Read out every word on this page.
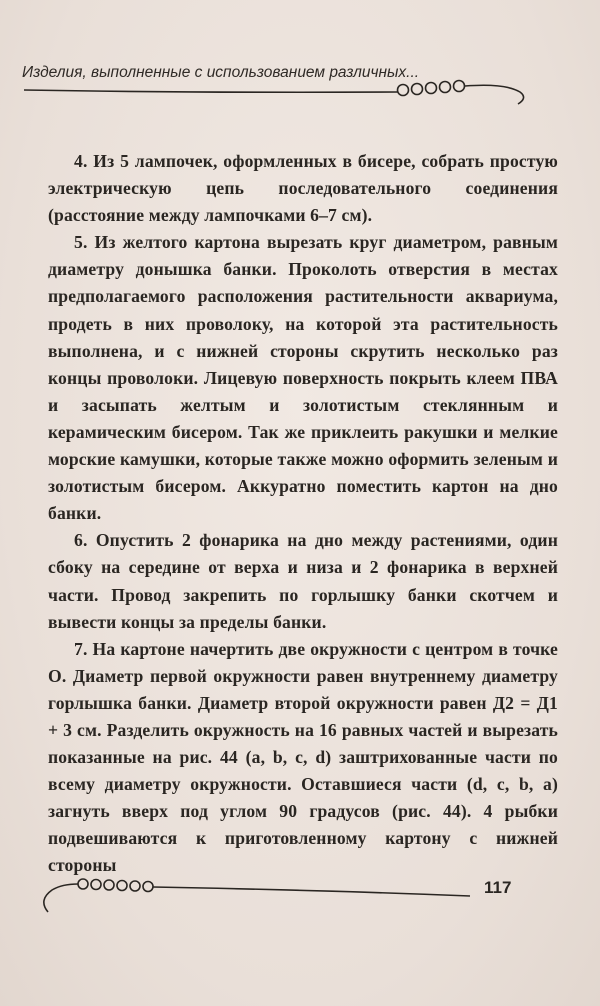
Изделия, выполненные с использованием различных...

4. Из 5 лампочек, оформленных в бисере, собрать простую электрическую цепь последовательного соединения (расстояние между лампочками 6–7 см).

5. Из желтого картона вырезать круг диаметром, равным диаметру донышка банки. Проколоть отверстия в местах предполагаемого расположения растительности аквариума, продеть в них проволоку, на которой эта растительность выполнена, и с нижней стороны скрутить несколько раз концы проволоки. Лицевую поверхность покрыть клеем ПВА и засыпать желтым и золотистым стеклянным и керамическим бисером. Так же приклеить ракушки и мелкие морские камушки, которые также можно оформить зеленым и золотистым бисером. Аккуратно поместить картон на дно банки.

6. Опустить 2 фонарика на дно между растениями, один сбоку на середине от верха и низа и 2 фонарика в верхней части. Провод закрепить по горлышку банки скотчем и вывести концы за пределы банки.

7. На картоне начертить две окружности с центром в точке О. Диаметр первой окружности равен внутреннему диаметру горлышка банки. Диаметр второй окружности равен Д2 = Д1 + 3 см. Разделить окружность на 16 равных частей и вырезать показанные на рис. 44 (a, b, c, d) заштрихованные части по всему диаметру окружности. Оставшиеся части (d, c, b, a) загнуть вверх под углом 90 градусов (рис. 44). 4 рыбки подвешиваются к приготовленному картону с нижней стороны

117
